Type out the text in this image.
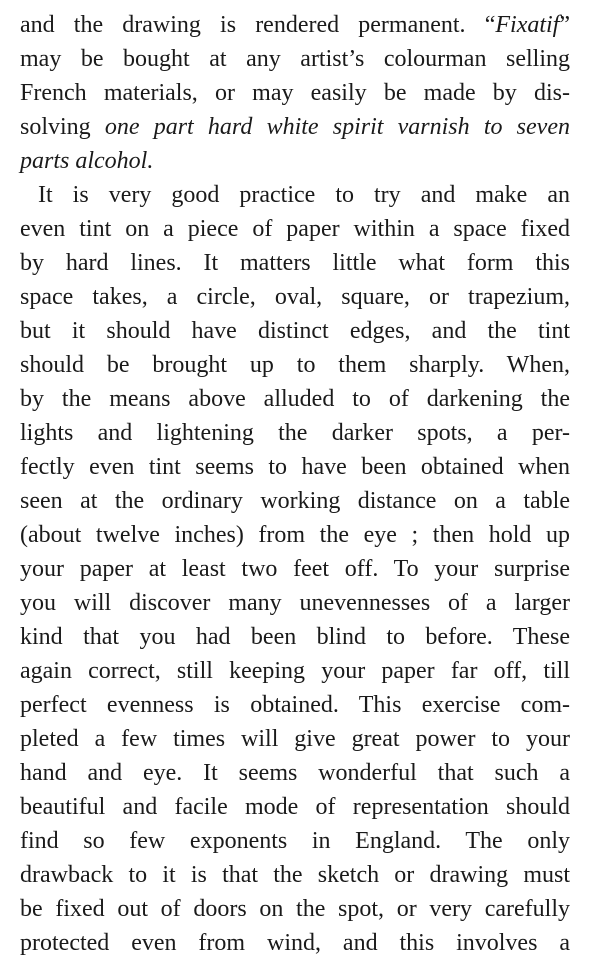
and the drawing is rendered permanent. “Fixatif”
may be bought at any artist’s colourman selling
French materials, or may easily be made by dis-
solving one part hard white spirit varnish to seven
parts alcohol.
It is very good practice to try and make an
even tint on a piece of paper within a space fixed
by hard lines. It matters little what form this
space takes, a circle, oval, square, or trapezium,
but it should have distinct edges, and the tint
should be brought up to them sharply. When,
by the means above alluded to of darkening the
lights and lightening the darker spots, a per-
fectly even tint seems to have been obtained when
seen at the ordinary working distance on a table
(about twelve inches) from the eye ; then hold up
your paper at least two feet off. To your surprise
you will discover many unevennesses of a larger
kind that you had been blind to before. These
again correct, still keeping your paper far off, till
perfect evenness is obtained. This exercise com-
pleted a few times will give great power to your
hand and eye. It seems wonderful that such a
beautiful and facile mode of representation should
find so few exponents in England. The only
drawback to it is that the sketch or drawing must
be fixed out of doors on the spot, or very carefully
protected even from wind, and this involves a
